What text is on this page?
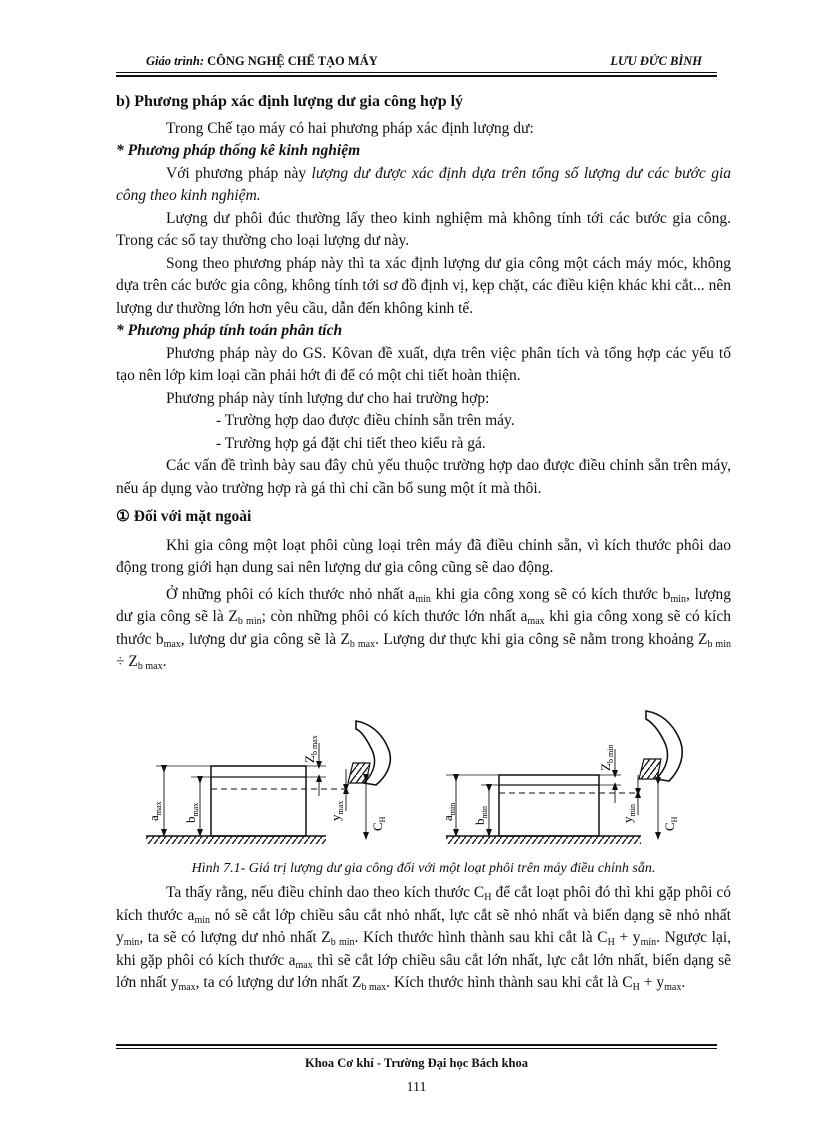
Giáo trình: CÔNG NGHỆ CHẾ TẠO MÁY	LƯU ĐỨC BÌNH

b) Phương pháp xác định lượng dư gia công hợp lý

Trong Chế tạo máy có hai phương pháp xác định lượng dư:

* Phương pháp thống kê kinh nghiệm

Với phương pháp này lượng dư được xác định dựa trên tổng số lượng dư các bước gia công theo kinh nghiệm.

Lượng dư phôi đúc thường lấy theo kinh nghiệm mà không tính tới các bước gia công. Trong các sổ tay thường cho loại lượng dư này.

Song theo phương pháp này thì ta xác định lượng dư gia công một cách máy móc, không dựa trên các bước gia công, không tính tới sơ đồ định vị, kẹp chặt, các điều kiện khác khi cắt... nên lượng dư thường lớn hơn yêu cầu, dẫn đến không kinh tế.

* Phương pháp tính toán phân tích

Phương pháp này do GS. Kôvan đề xuất, dựa trên việc phân tích và tổng hợp các yếu tố tạo nên lớp kim loại cần phải hớt đi để có một chi tiết hoàn thiện.

Phương pháp này tính lượng dư cho hai trường hợp:

- Trường hợp dao được điều chỉnh sẵn trên máy.

- Trường hợp gá đặt chi tiết theo kiểu rà gá.

Các vấn đề trình bày sau đây chủ yếu thuộc trường hợp dao được điều chỉnh sẵn trên máy, nếu áp dụng vào trường hợp rà gá thì chỉ cần bổ sung một ít mà thôi.

① Đối với mặt ngoài

Khi gia công một loạt phôi cùng loại trên máy đã điều chỉnh sẵn, vì kích thước phôi dao động trong giới hạn dung sai nên lượng dư gia công cũng sẽ dao động.

Ở những phôi có kích thước nhỏ nhất $a_{min}$ khi gia công xong sẽ có kích thước $b_{min}$, lượng dư gia công sẽ là $Z_{b min}$; còn những phôi có kích thước lớn nhất $a_{max}$ khi gia công xong sẽ có kích thước $b_{max}$, lượng dư gia công sẽ là $Z_{b max}$. Lượng dư thực khi gia công sẽ nằm trong khoảng $Z_{b min} \div Z_{b max}$.

$a_{max}$
$b_{max}$
$Z_{b max}$
$y_{max}$
$C_H$	$a_{min}$
$b_{min}$
$Z_{b min}$
$y_{min}$
$C_H$
Hình 7.1- Giá trị lượng dư gia công đối với một loạt phôi trên máy điều chỉnh sẵn.

Ta thấy rằng, nếu điều chỉnh dao theo kích thước $C_H$ để cắt loạt phôi đó thì khi gặp phôi có kích thước $a_{min}$ nó sẽ cắt lớp chiều sâu cắt nhỏ nhất, lực cắt sẽ nhỏ nhất và biến dạng sẽ nhỏ nhất $y_{min}$, ta sẽ có lượng dư nhỏ nhất $Z_{b min}$. Kích thước hình thành sau khi cắt là $C_H + y_{min}$. Ngược lại, khi gặp phôi có kích thước $a_{max}$ thì sẽ cắt lớp chiều sâu cắt lớn nhất, lực cắt lớn nhất, biến dạng sẽ lớn nhất $y_{max}$, ta có lượng dư lớn nhất $Z_{b max}$. Kích thước hình thành sau khi cắt là $C_H + y_{max}$.

Khoa Cơ khí - Trường Đại học Bách khoa
111
